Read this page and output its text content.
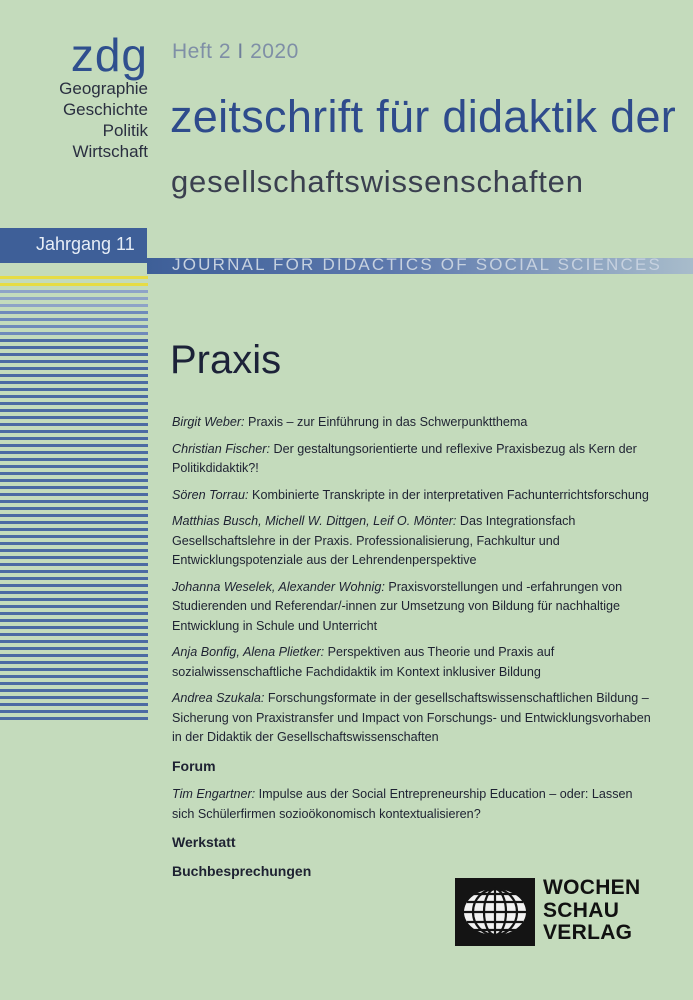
zdg
Geographie
Geschichte
Politik
Wirtschaft
Heft 2 I 2020
zeitschrift für didaktik der
gesellschaftswissenschaften
Jahrgang 11
JOURNAL FOR DIDACTICS OF SOCIAL SCIENCES
Praxis
Birgit Weber: Praxis – zur Einführung in das Schwerpunktthema
Christian Fischer: Der gestaltungsorientierte und reflexive Praxisbezug als Kern der Politikdidaktik?!
Sören Torrau: Kombinierte Transkripte in der interpretativen Fachunterrichtsforschung
Matthias Busch, Michell W. Dittgen, Leif O. Mönter: Das Integrationsfach Gesellschaftslehre in der Praxis. Professionalisierung, Fachkultur und Entwicklungspotenziale aus der Lehrendenperspektive
Johanna Weselek, Alexander Wohnig: Praxisvorstellungen und -erfahrungen von Studierenden und Referendar/-innen zur Umsetzung von Bildung für nachhaltige Entwicklung in Schule und Unterricht
Anja Bonfig, Alena Plietker: Perspektiven aus Theorie und Praxis auf sozialwissenschaftliche Fachdidaktik im Kontext inklusiver Bildung
Andrea Szukala: Forschungsformate in der gesellschaftswissenschaftlichen Bildung – Sicherung von Praxistransfer und Impact von Forschungs- und Entwicklungsvorhaben in der Didaktik der Gesellschaftswissenschaften
Forum
Tim Engartner: Impulse aus der Social Entrepreneurship Education – oder: Lassen sich Schülerfirmen sozioökonomisch kontextualisieren?
Werkstatt
Buchbesprechungen
WOCHEN
SCHAU
VERLAG
